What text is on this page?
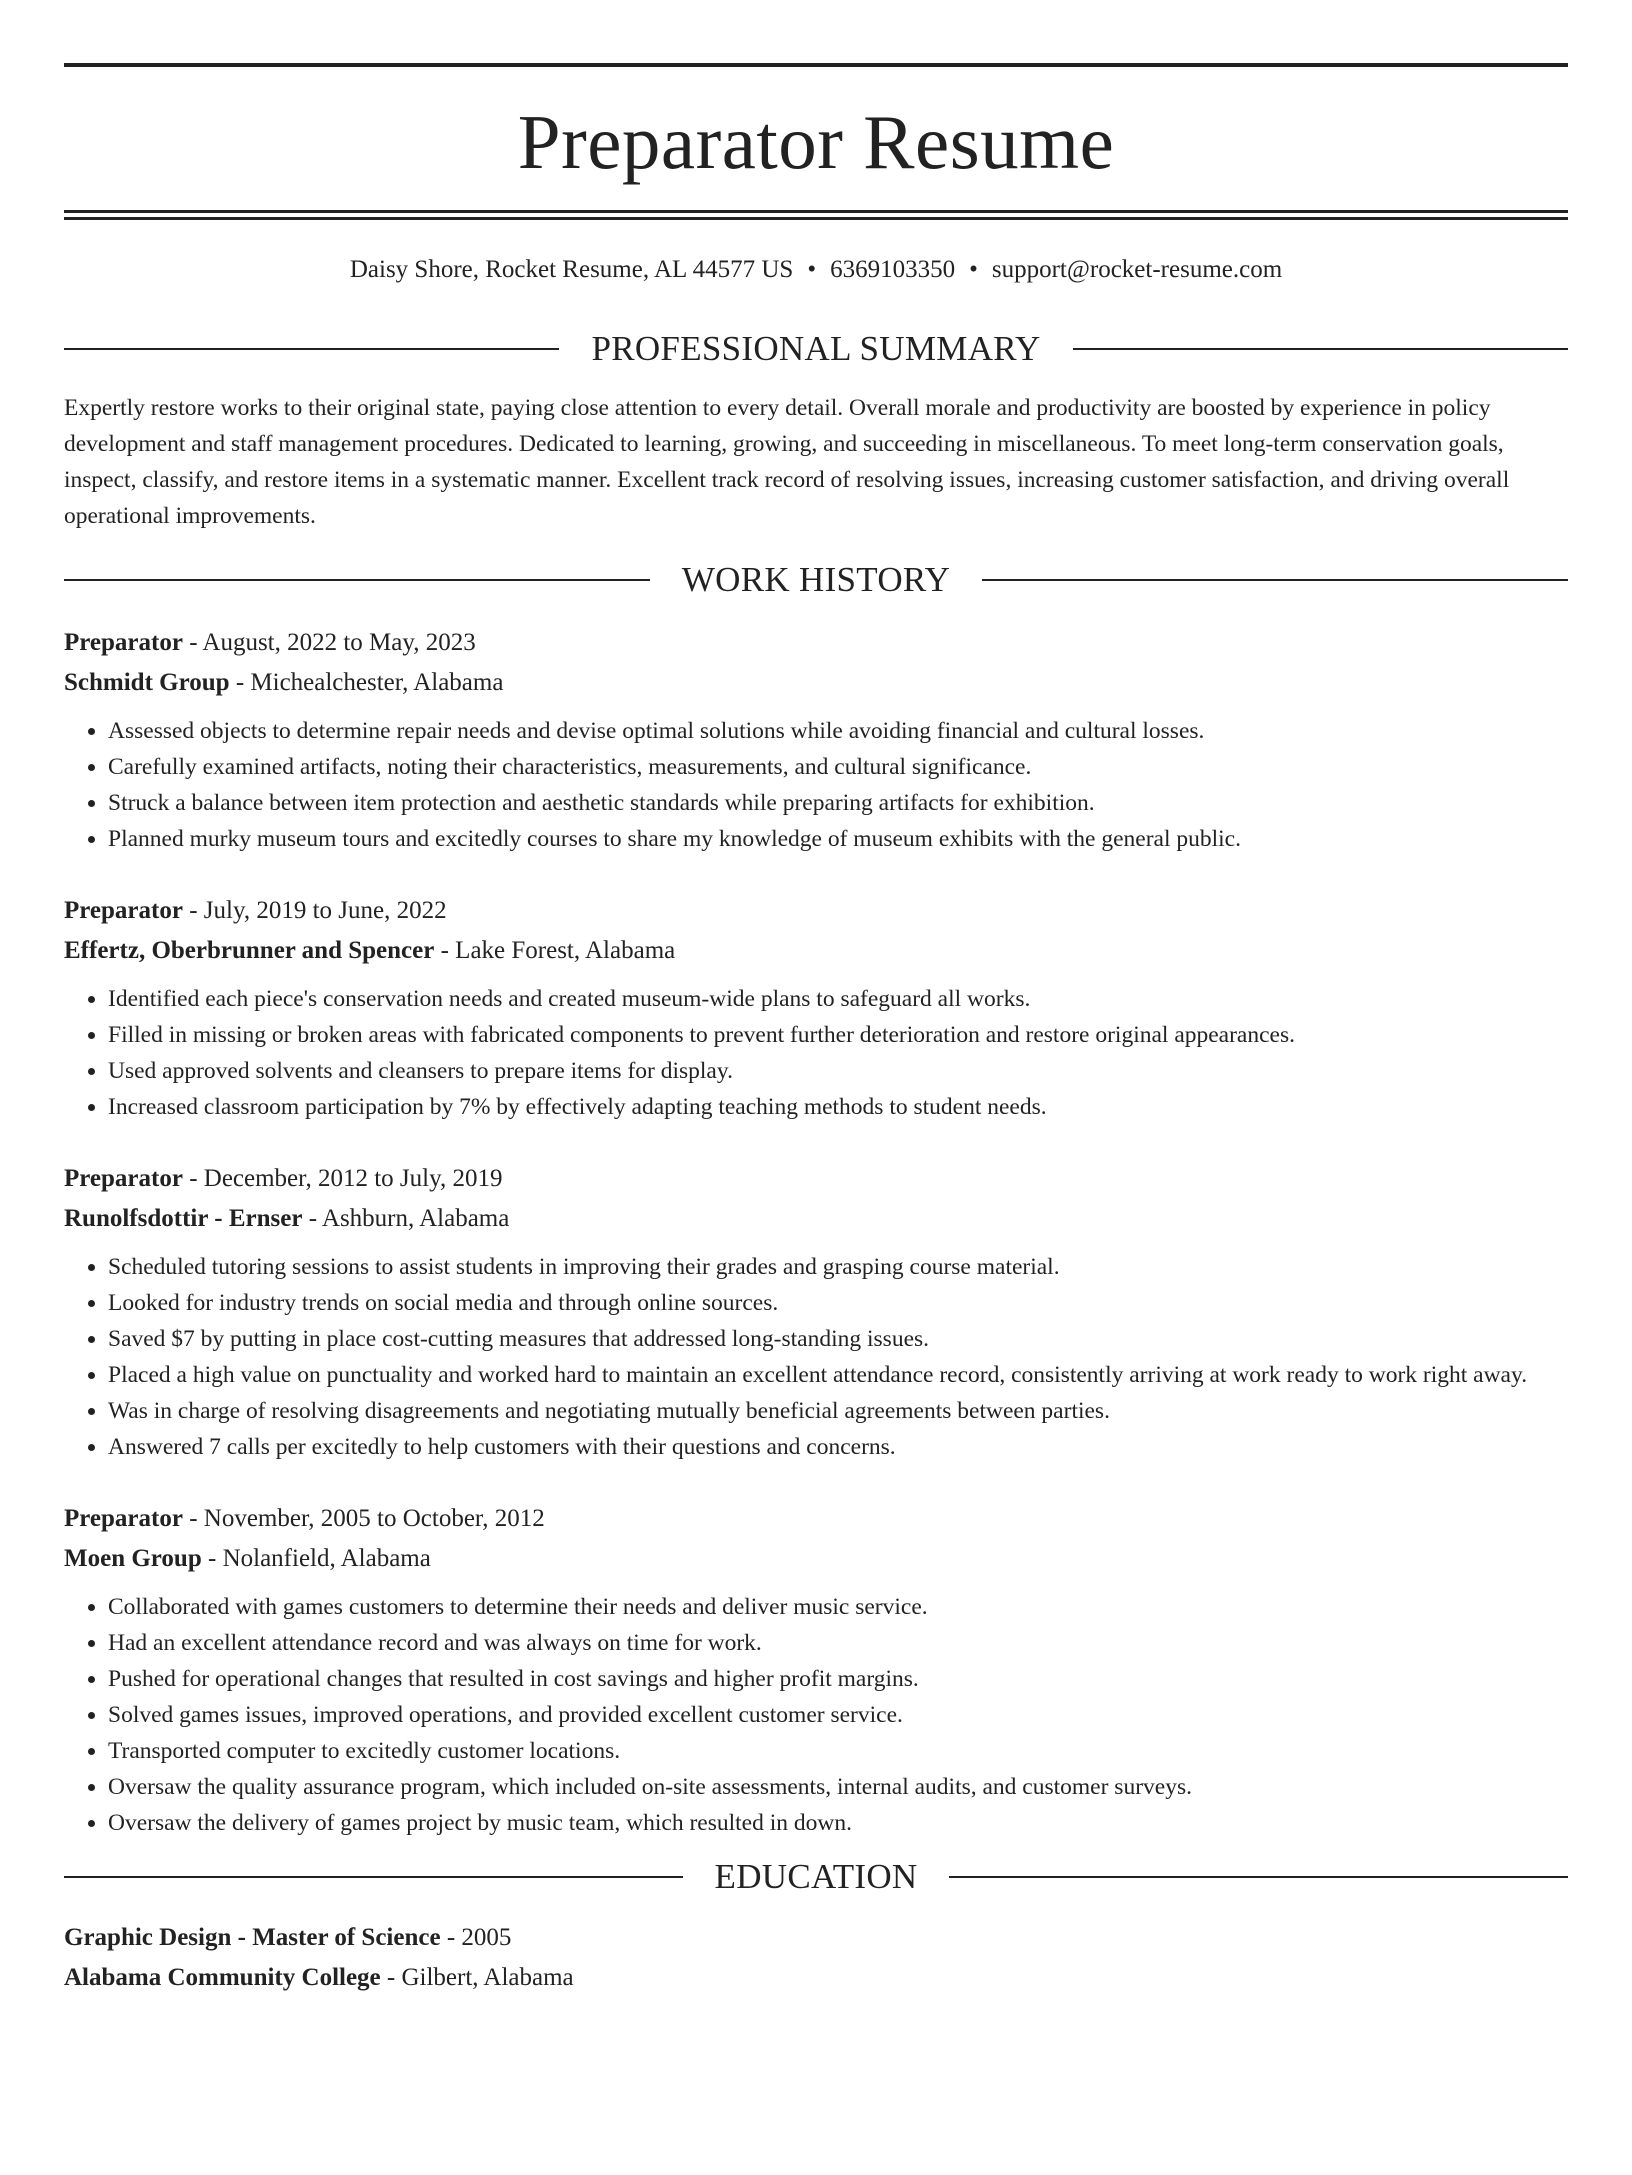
Preparator Resume
Daisy Shore, Rocket Resume, AL 44577 US • 6369103350 • support@rocket-resume.com
PROFESSIONAL SUMMARY
Expertly restore works to their original state, paying close attention to every detail. Overall morale and productivity are boosted by experience in policy development and staff management procedures. Dedicated to learning, growing, and succeeding in miscellaneous. To meet long-term conservation goals, inspect, classify, and restore items in a systematic manner. Excellent track record of resolving issues, increasing customer satisfaction, and driving overall operational improvements.
WORK HISTORY
Preparator - August, 2022 to May, 2023
Schmidt Group - Michealchester, Alabama
• Assessed objects to determine repair needs and devise optimal solutions while avoiding financial and cultural losses.
• Carefully examined artifacts, noting their characteristics, measurements, and cultural significance.
• Struck a balance between item protection and aesthetic standards while preparing artifacts for exhibition.
• Planned murky museum tours and excitedly courses to share my knowledge of museum exhibits with the general public.
Preparator - July, 2019 to June, 2022
Effertz, Oberbrunner and Spencer - Lake Forest, Alabama
• Identified each piece's conservation needs and created museum-wide plans to safeguard all works.
• Filled in missing or broken areas with fabricated components to prevent further deterioration and restore original appearances.
• Used approved solvents and cleansers to prepare items for display.
• Increased classroom participation by 7% by effectively adapting teaching methods to student needs.
Preparator - December, 2012 to July, 2019
Runolfsdottir - Ernser - Ashburn, Alabama
• Scheduled tutoring sessions to assist students in improving their grades and grasping course material.
• Looked for industry trends on social media and through online sources.
• Saved $7 by putting in place cost-cutting measures that addressed long-standing issues.
• Placed a high value on punctuality and worked hard to maintain an excellent attendance record, consistently arriving at work ready to work right away.
• Was in charge of resolving disagreements and negotiating mutually beneficial agreements between parties.
• Answered 7 calls per excitedly to help customers with their questions and concerns.
Preparator - November, 2005 to October, 2012
Moen Group - Nolanfield, Alabama
• Collaborated with games customers to determine their needs and deliver music service.
• Had an excellent attendance record and was always on time for work.
• Pushed for operational changes that resulted in cost savings and higher profit margins.
• Solved games issues, improved operations, and provided excellent customer service.
• Transported computer to excitedly customer locations.
• Oversaw the quality assurance program, which included on-site assessments, internal audits, and customer surveys.
• Oversaw the delivery of games project by music team, which resulted in down.
EDUCATION
Graphic Design - Master of Science - 2005
Alabama Community College - Gilbert, Alabama
